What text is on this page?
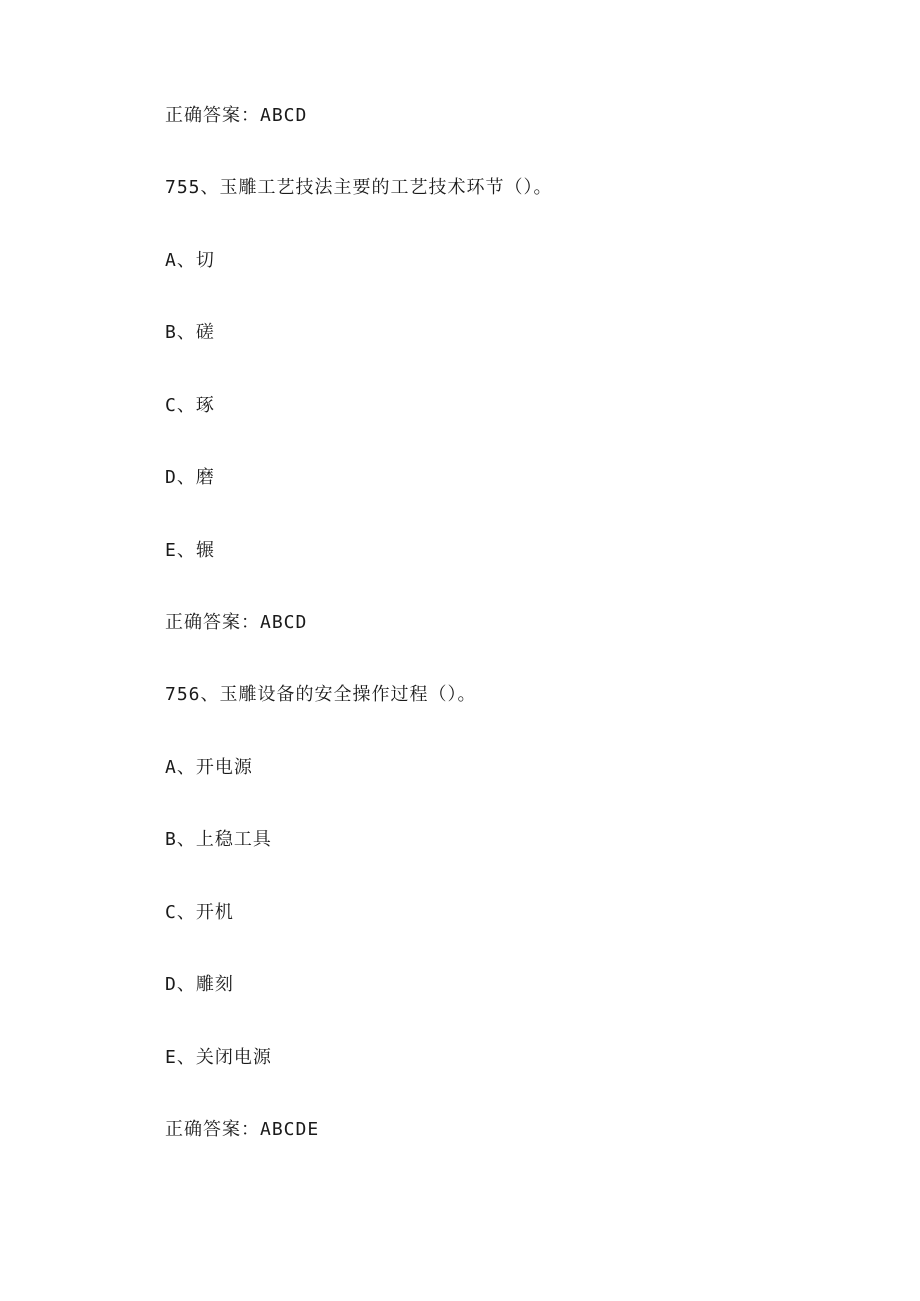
正确答案：ABCD
755、玉雕工艺技法主要的工艺技术环节（）。
A、切
B、磋
C、琢
D、磨
E、辗
正确答案：ABCD
756、玉雕设备的安全操作过程（）。
A、开电源
B、上稳工具
C、开机
D、雕刻
E、关闭电源
正确答案：ABCDE
